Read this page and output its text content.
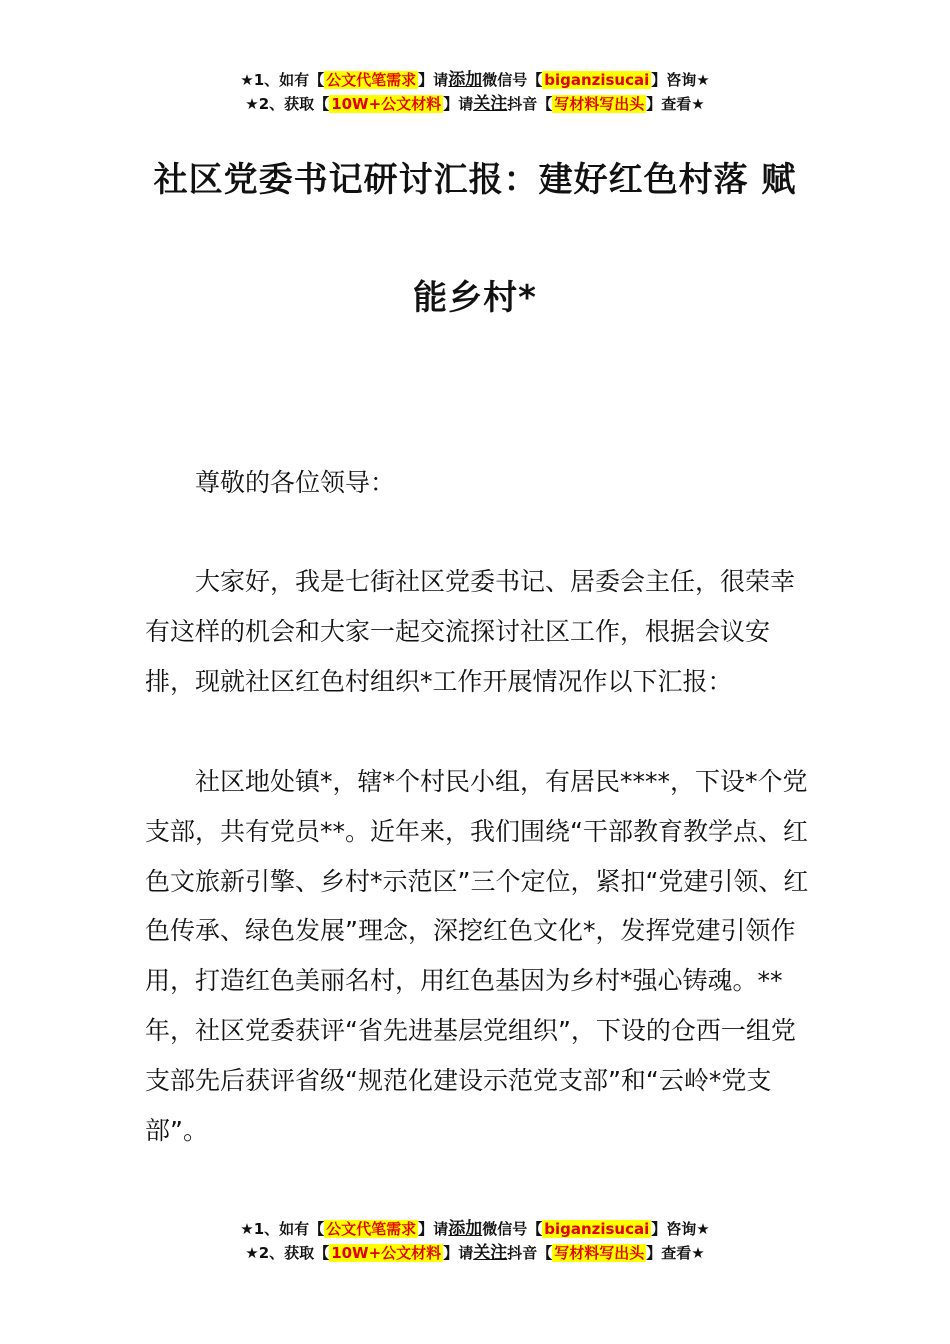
★1、如有【 公文代笔需求 】请添加微信号【 biganzisucai 】咨询★
★2、获取【 10W+公文材料 】请关注抖音【 写材料写出头 】查看★
社区党委书记研讨汇报：建好红色村落 赋
能乡村*

尊敬的各位领导：

大家好，我是七街社区党委书记、居委会主任，很荣幸有这样的机会和大家一起交流探讨社区工作，根据会议安排，现就社区红色村组织*工作开展情况作以下汇报：

社区地处镇*，辖*个村民小组，有居民****，下设*个党支部，共有党员**。近年来，我们围绕“干部教育教学点、红色文旅新引擎、乡村*示范区”三个定位，紧扣“党建引领、红色传承、绿色发展”理念，深挖红色文化*，发挥党建引领作用，打造红色美丽名村，用红色基因为乡村*强心铸魂。**年，社区党委获评“省先进基层党组织”，下设的仓西一组党支部先后获评省级“规范化建设示范党支部”和“云岭*党支部”。

★1、如有【 公文代笔需求 】请添加微信号【 biganzisucai 】咨询★
★2、获取【 10W+公文材料 】请关注抖音【 写材料写出头 】查看★
